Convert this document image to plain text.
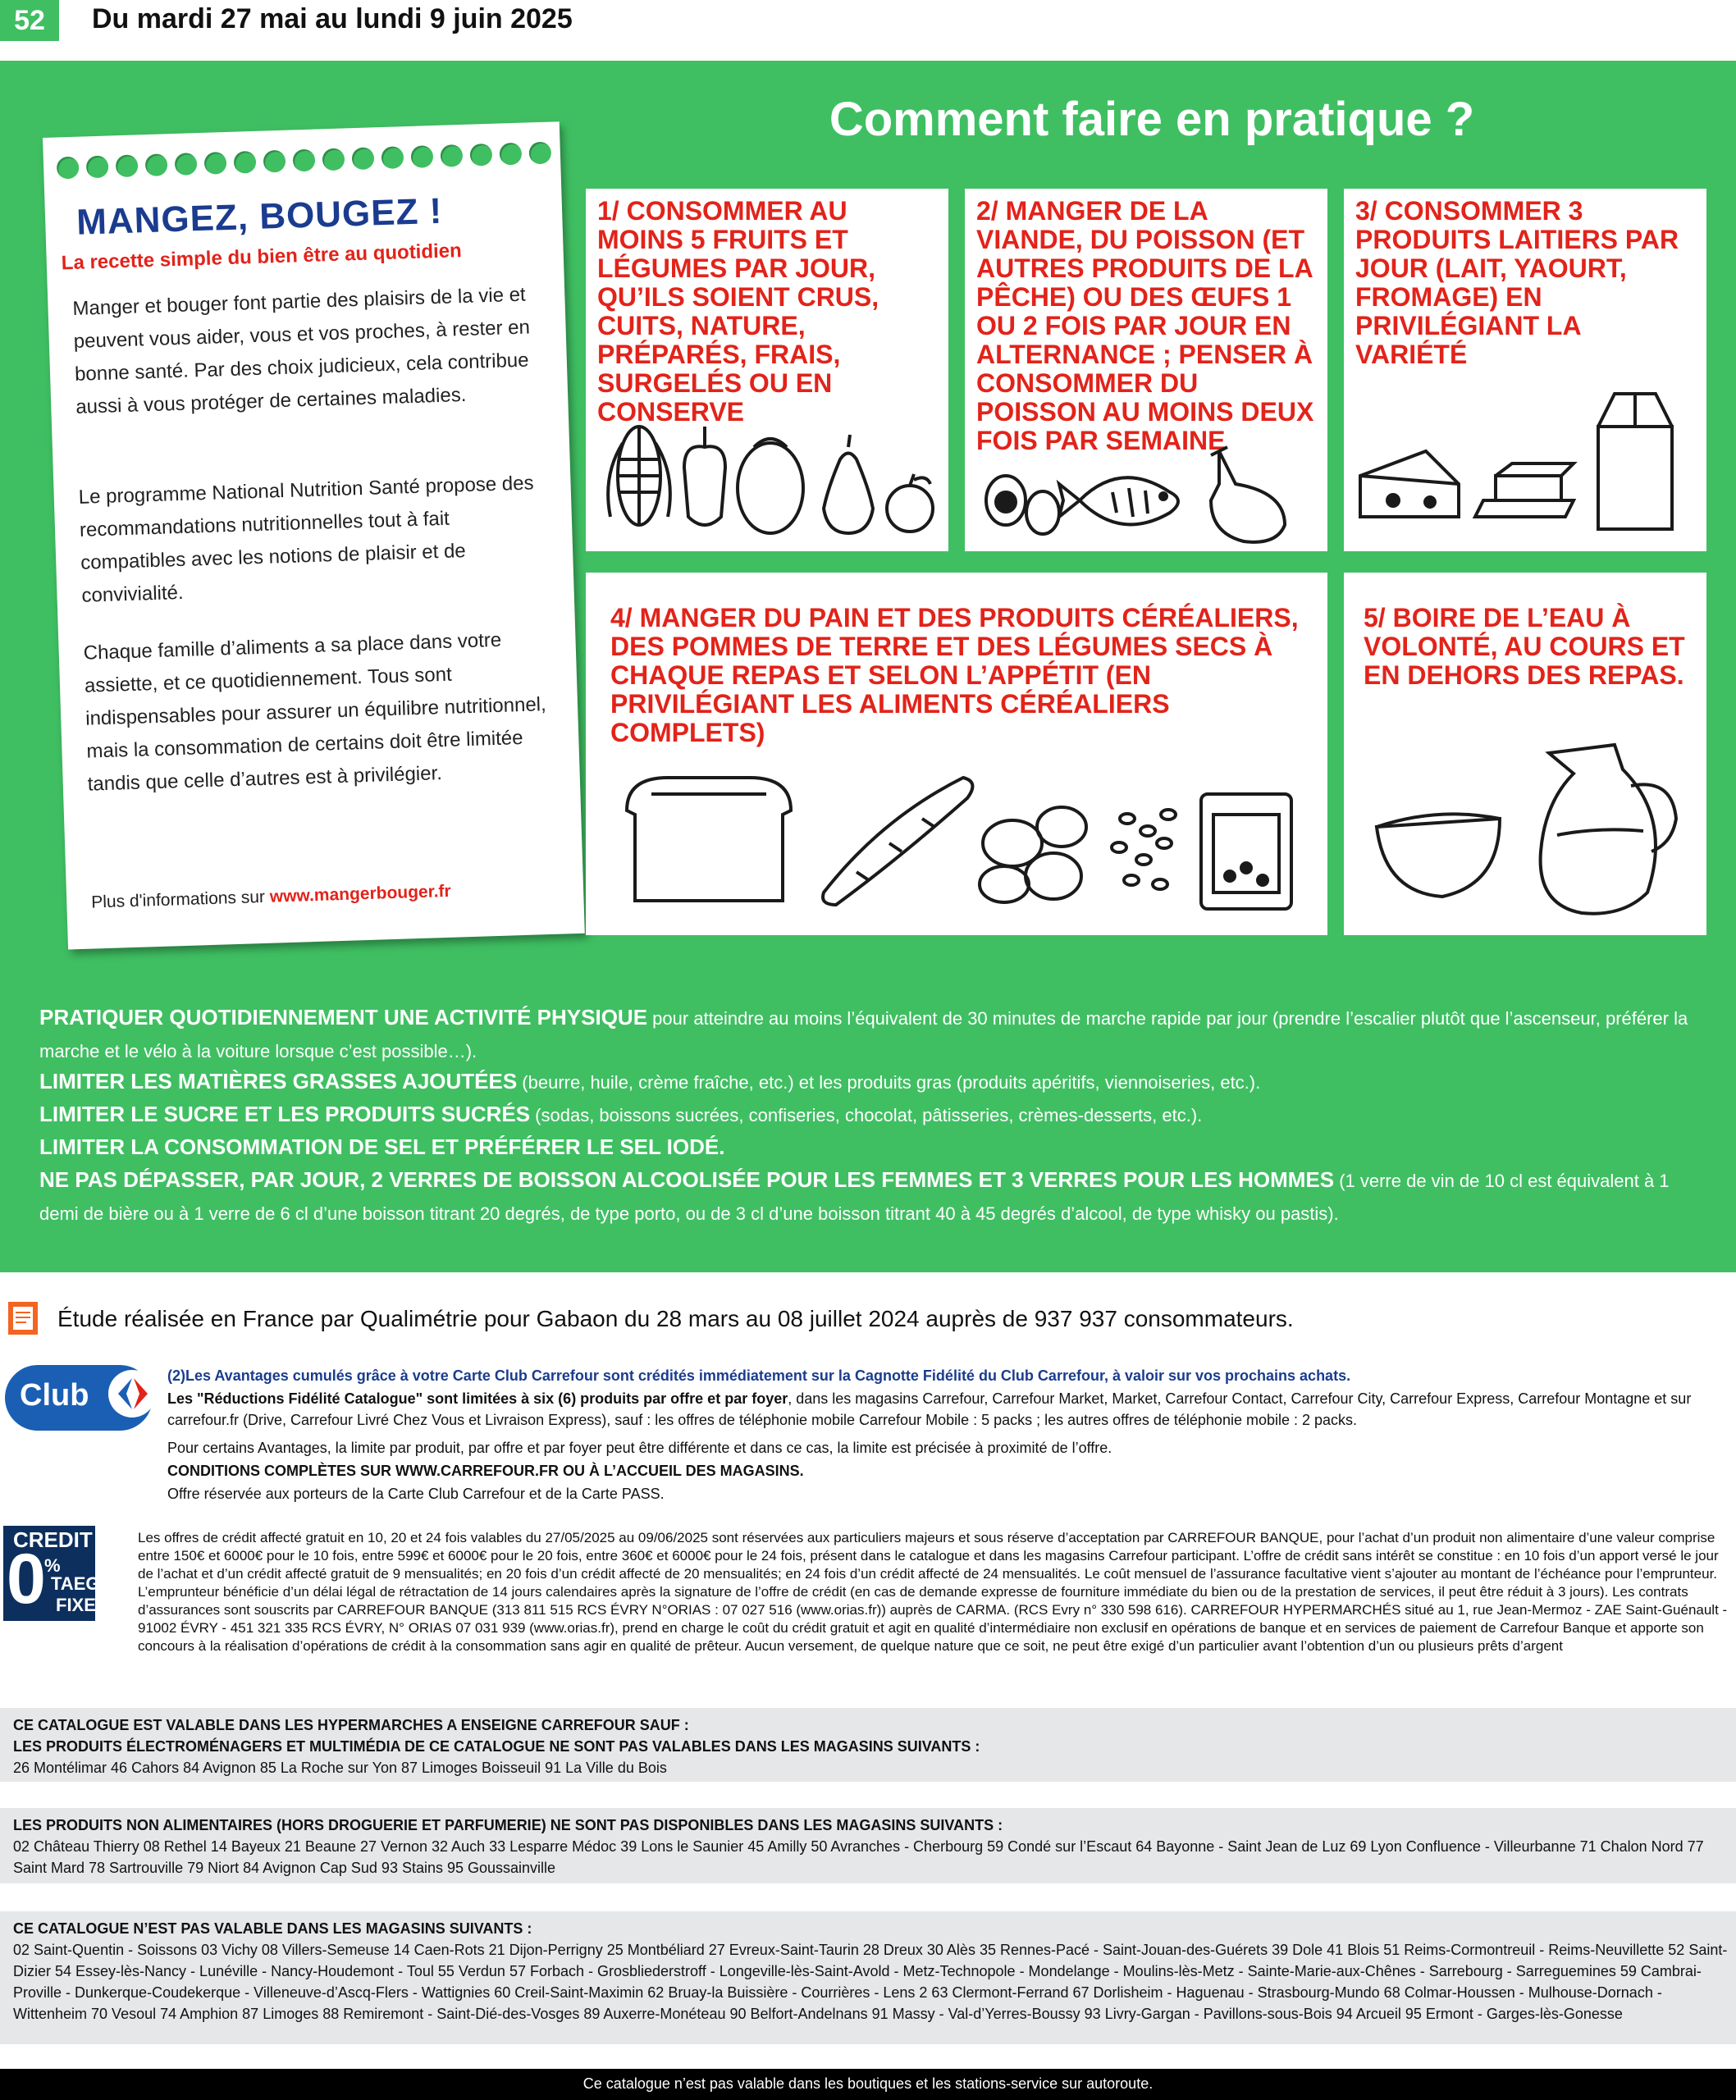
52	Du mardi 27 mai au lundi 9 juin 2025
Comment faire en pratique ?
MANGEZ, BOUGEZ !
La recette simple du bien être au quotidien
Manger et bouger font partie des plaisirs de la vie et peuvent vous aider, vous et vos proches, à rester en bonne santé. Par des choix judicieux, cela contribue aussi à vous protéger de certaines maladies.
Le programme National Nutrition Santé propose des recommandations nutritionnelles tout à fait compatibles avec les notions de plaisir et de convivialité.
Chaque famille d’aliments a sa place dans votre assiette, et ce quotidiennement. Tous sont indispensables pour assurer un équilibre nutritionnel, mais la consommation de certains doit être limitée tandis que celle d’autres est à privilégier.
Plus d'informations sur www.mangerbouger.fr
1/ CONSOMMER AU MOINS 5 FRUITS ET LÉGUMES PAR JOUR, QU’ILS SOIENT CRUS, CUITS, NATURE, PRÉPARÉS, FRAIS, SURGELÉS OU EN CONSERVE
2/ MANGER DE LA VIANDE, DU POISSON (ET AUTRES PRODUITS DE LA PÊCHE) OU DES ŒUFS 1 OU 2 FOIS PAR JOUR EN ALTERNANCE ; PENSER À CONSOMMER DU POISSON AU MOINS DEUX FOIS PAR SEMAINE
3/ CONSOMMER 3 PRODUITS LAITIERS PAR JOUR (LAIT, YAOURT, FROMAGE) EN PRIVILÉGIANT LA VARIÉTÉ
4/ MANGER DU PAIN ET DES PRODUITS CÉRÉALIERS, DES POMMES DE TERRE ET DES LÉGUMES SECS À CHAQUE REPAS ET SELON L’APPÉTIT (EN PRIVILÉGIANT LES ALIMENTS CÉRÉALIERS COMPLETS)
5/ BOIRE DE L’EAU À VOLONTÉ, AU COURS ET EN DEHORS DES REPAS.
PRATIQUER QUOTIDIENNEMENT UNE ACTIVITÉ PHYSIQUE pour atteindre au moins l’équivalent de 30 minutes de marche rapide par jour (prendre l’escalier plutôt que l’ascenseur, préférer la marche et le vélo à la voiture lorsque c’est possible…).
LIMITER LES MATIÈRES GRASSES AJOUTÉES (beurre, huile, crème fraîche, etc.) et les produits gras (produits apéritifs, viennoiseries, etc.).
LIMITER LE SUCRE ET LES PRODUITS SUCRÉS (sodas, boissons sucrées, confiseries, chocolat, pâtisseries, crèmes-desserts, etc.).
LIMITER LA CONSOMMATION DE SEL ET PRÉFÉRER LE SEL IODÉ.
NE PAS DÉPASSER, PAR JOUR, 2 VERRES DE BOISSON ALCOOLISÉE POUR LES FEMMES ET 3 VERRES POUR LES HOMMES (1 verre de vin de 10 cl est équivalent à 1 demi de bière ou à 1 verre de 6 cl d’une boisson titrant 20 degrés, de type porto, ou de 3 cl d’une boisson titrant 40 à 45 degrés d’alcool, de type whisky ou pastis).
Étude réalisée en France par Qualimétrie pour Gabaon du 28 mars au 08 juillet 2024 auprès de 937 937 consommateurs.
Club
(2)Les Avantages cumulés grâce à votre Carte Club Carrefour sont crédités immédiatement sur la Cagnotte Fidélité du Club Carrefour, à valoir sur vos prochains achats.
Les "Réductions Fidélité Catalogue" sont limitées à six (6) produits par offre et par foyer, dans les magasins Carrefour, Carrefour Market, Market, Carrefour Contact, Carrefour City, Carrefour Express, Carrefour Montagne et sur carrefour.fr (Drive, Carrefour Livré Chez Vous et Livraison Express), sauf : les offres de téléphonie mobile Carrefour Mobile : 5 packs ; les autres offres de téléphonie mobile : 2 packs.
Pour certains Avantages, la limite par produit, par offre et par foyer peut être différente et dans ce cas, la limite est précisée à proximité de l’offre.
CONDITIONS COMPLÈTES SUR WWW.CARREFOUR.FR OU À L’ACCUEIL DES MAGASINS.
Offre réservée aux porteurs de la Carte Club Carrefour et de la Carte PASS.
CREDIT
0
%
TAEG
FIXE
Les offres de crédit affecté gratuit en 10, 20 et 24 fois valables du 27/05/2025 au 09/06/2025 sont réservées aux particuliers majeurs et sous réserve d’acceptation par CARREFOUR BANQUE, pour l’achat d’un produit non alimentaire d’une valeur comprise entre 150€ et 6000€ pour le 10 fois, entre 599€ et 6000€ pour le 20 fois, entre 360€ et 6000€ pour le 24 fois, présent dans le catalogue et dans les magasins Carrefour participant. L’offre de crédit sans intérêt se constitue : en 10 fois d’un apport versé le jour de l’achat et d’un crédit affecté gratuit de 9 mensualités; en 20 fois d’un crédit affecté de 20 mensualités; en 24 fois d’un crédit affecté de 24 mensualités. Le coût mensuel de l’assurance facultative vient s’ajouter au montant de l’échéance pour l’emprunteur. L’emprunteur bénéficie d’un délai légal de rétractation de 14 jours calendaires après la signature de l’offre de crédit (en cas de demande expresse de fourniture immédiate du bien ou de la prestation de services, il peut être réduit à 3 jours). Les contrats d’assurances sont souscrits par CARREFOUR BANQUE (313 811 515 RCS ÉVRY N°ORIAS : 07 027 516 (www.orias.fr)) auprès de CARMA. (RCS Evry n° 330 598 616). CARREFOUR HYPERMARCHÉS situé au 1, rue Jean-Mermoz - ZAE Saint-Guénault - 91002 ÉVRY - 451 321 335 RCS ÉVRY, N° ORIAS 07 031 939 (www.orias.fr), prend en charge le coût du crédit gratuit et agit en qualité d’intermédiaire non exclusif en opérations de banque et en services de paiement de Carrefour Banque et apporte son concours à la réalisation d’opérations de crédit à la consommation sans agir en qualité de prêteur. Aucun versement, de quelque nature que ce soit, ne peut être exigé d’un particulier avant l’obtention d’un ou plusieurs prêts d’argent
CE CATALOGUE EST VALABLE DANS LES HYPERMARCHES A ENSEIGNE CARREFOUR SAUF :
LES PRODUITS ÉLECTROMÉNAGERS ET MULTIMÉDIA DE CE CATALOGUE NE SONT PAS VALABLES DANS LES MAGASINS SUIVANTS :
26 Montélimar 46 Cahors 84 Avignon 85 La Roche sur Yon 87 Limoges Boisseuil 91 La Ville du Bois
LES PRODUITS NON ALIMENTAIRES (HORS DROGUERIE ET PARFUMERIE) NE SONT PAS DISPONIBLES DANS LES MAGASINS SUIVANTS :
02 Château Thierry 08 Rethel 14 Bayeux 21 Beaune 27 Vernon 32 Auch 33 Lesparre Médoc 39 Lons le Saunier 45 Amilly 50 Avranches - Cherbourg 59 Condé sur l’Escaut 64 Bayonne - Saint Jean de Luz 69 Lyon Confluence - Villeurbanne 71 Chalon Nord 77 Saint Mard 78 Sartrouville 79 Niort 84 Avignon Cap Sud 93 Stains 95 Goussainville
CE CATALOGUE N’EST PAS VALABLE DANS LES MAGASINS SUIVANTS :
02 Saint-Quentin - Soissons 03 Vichy 08 Villers-Semeuse 14 Caen-Rots 21 Dijon-Perrigny 25 Montbéliard 27 Evreux-Saint-Taurin 28 Dreux 30 Alès 35 Rennes-Pacé - Saint-Jouan-des-Guérets 39 Dole 41 Blois 51 Reims-Cormontreuil - Reims-Neuvillette 52 Saint-Dizier 54 Essey-lès-Nancy - Lunéville - Nancy-Houdemont - Toul 55 Verdun 57 Forbach - Grosbliederstroff - Longeville-lès-Saint-Avold - Metz-Technopole - Mondelange - Moulins-lès-Metz - Sainte-Marie-aux-Chênes - Sarrebourg - Sarreguemines 59 Cambrai-Proville - Dunkerque-Coudekerque - Villeneuve-d’Ascq-Flers - Wattignies 60 Creil-Saint-Maximin 62 Bruay-la Buissière - Courrières - Lens 2 63 Clermont-Ferrand 67 Dorlisheim - Haguenau - Strasbourg-Mundo 68 Colmar-Houssen - Mulhouse-Dornach - Wittenheim 70 Vesoul 74 Amphion 87 Limoges 88 Remiremont - Saint-Dié-des-Vosges 89 Auxerre-Monéteau 90 Belfort-Andelnans 91 Massy - Val-d’Yerres-Boussy 93 Livry-Gargan - Pavillons-sous-Bois 94 Arcueil 95 Ermont - Garges-lès-Gonesse
Ce catalogue n’est pas valable dans les boutiques et les stations-service sur autoroute.
